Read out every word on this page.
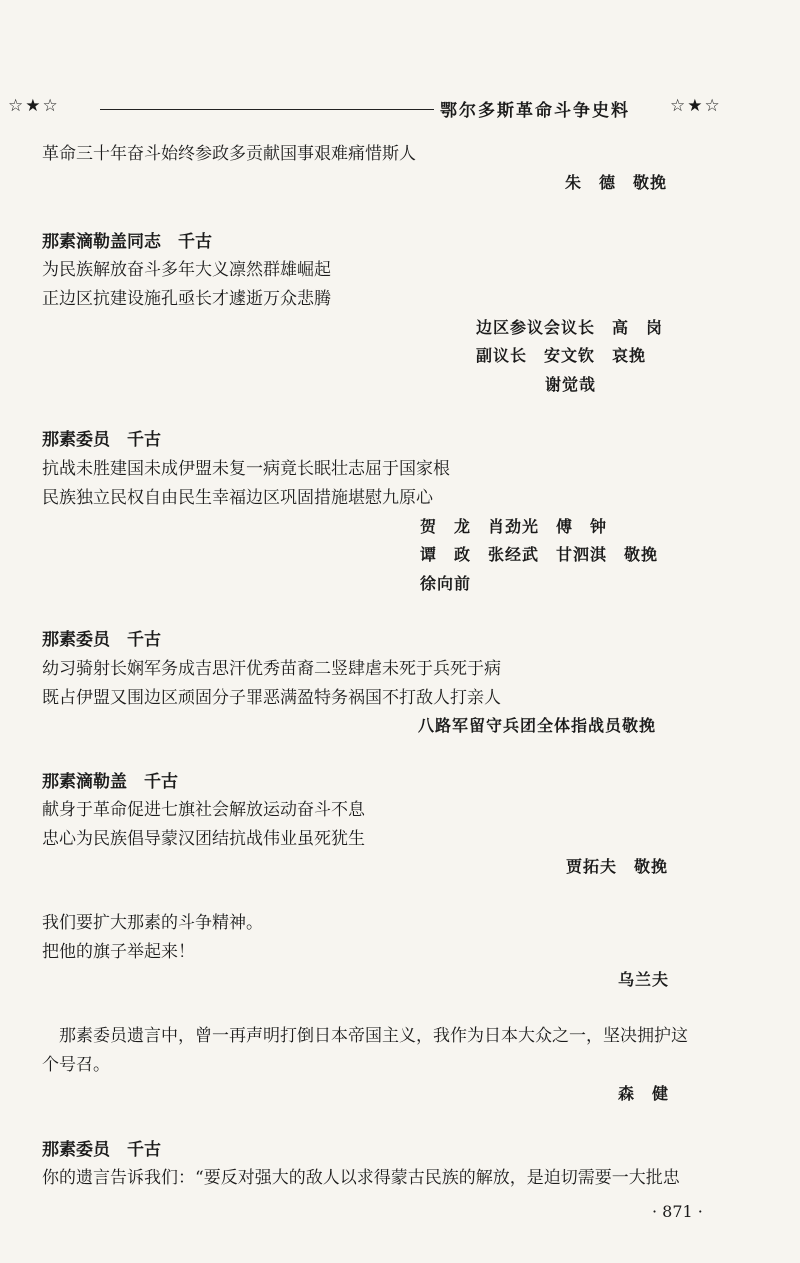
☆★☆	鄂尔多斯革命斗争史料 ☆★☆
革命三十年奋斗始终参政多贡献国事艰难痛惜斯人
朱　德　敬挽
那素滴勒盖同志　千古
为民族解放奋斗多年大义凛然群雄崛起
正边区抗建设施孔亟长才遽逝万众悲腾
边区参议会议长　高　岗
副议长　安文钦　哀挽
谢觉哉
那素委员　千古
抗战未胜建国未成伊盟未复一病竟长眠壮志屈于国家根
民族独立民权自由民生幸福边区巩固措施堪慰九原心
贺　龙　肖劲光　傅　钟
谭　政　张经武　甘泗淇　敬挽
徐向前
那素委员　千古
幼习骑射长娴军务成吉思汗优秀苗裔二竖肆虐未死于兵死于病
既占伊盟又围边区顽固分子罪恶满盈特务祸国不打敌人打亲人
八路军留守兵团全体指战员敬挽
那素滴勒盖　千古
献身于革命促进七旗社会解放运动奋斗不息
忠心为民族倡导蒙汉团结抗战伟业虽死犹生
贾拓夫　敬挽
我们要扩大那素的斗争精神。
把他的旗子举起来！
乌兰夫
　那素委员遗言中，曾一再声明打倒日本帝国主义，我作为日本大众之一，坚决拥护这
个号召。
森　健
那素委员　千古
你的遗言告诉我们：“要反对强大的敌人以求得蒙古民族的解放，是迫切需要一大批忠
· 871 ·
